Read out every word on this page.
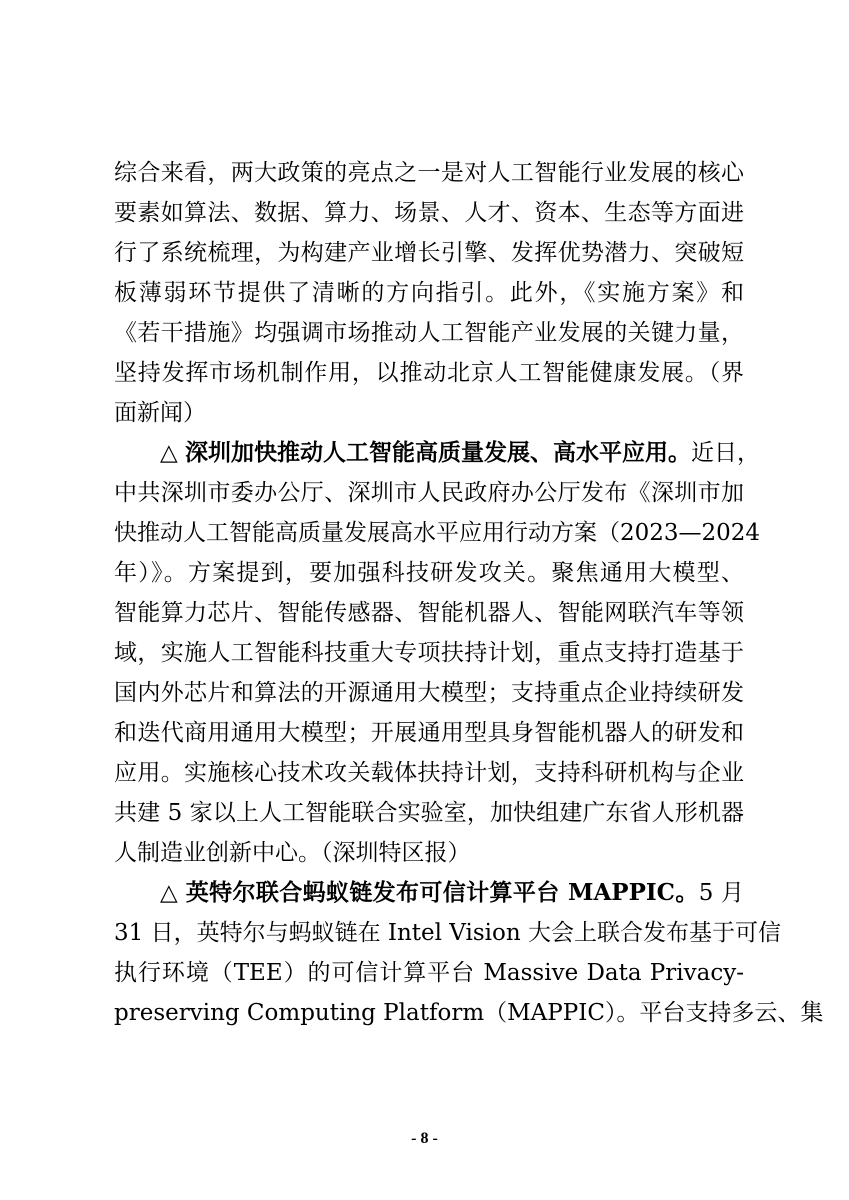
综合来看，两大政策的亮点之一是对人工智能行业发展的核心
要素如算法、数据、算力、场景、人才、资本、生态等方面进
行了系统梳理，为构建产业增长引擎、发挥优势潜力、突破短
板薄弱环节提供了清晰的方向指引。此外，《实施方案》和
《若干措施》均强调市场推动人工智能产业发展的关键力量，
坚持发挥市场机制作用，以推动北京人工智能健康发展。（界
面新闻）
△ 深圳加快推动人工智能高质量发展、高水平应用。近日，
中共深圳市委办公厅、深圳市人民政府办公厅发布《深圳市加
快推动人工智能高质量发展高水平应用行动方案（2023—2024
年）》。方案提到，要加强科技研发攻关。聚焦通用大模型、
智能算力芯片、智能传感器、智能机器人、智能网联汽车等领
域，实施人工智能科技重大专项扶持计划，重点支持打造基于
国内外芯片和算法的开源通用大模型；支持重点企业持续研发
和迭代商用通用大模型；开展通用型具身智能机器人的研发和
应用。实施核心技术攻关载体扶持计划，支持科研机构与企业
共建 5 家以上人工智能联合实验室，加快组建广东省人形机器
人制造业创新中心。（深圳特区报）
△ 英特尔联合蚂蚁链发布可信计算平台 MAPPIC。5 月
31 日，英特尔与蚂蚁链在 Intel Vision 大会上联合发布基于可信
执行环境（TEE）的可信计算平台 Massive Data Privacy-
preserving Computing Platform（MAPPIC）。平台支持多云、集
- 8 -
